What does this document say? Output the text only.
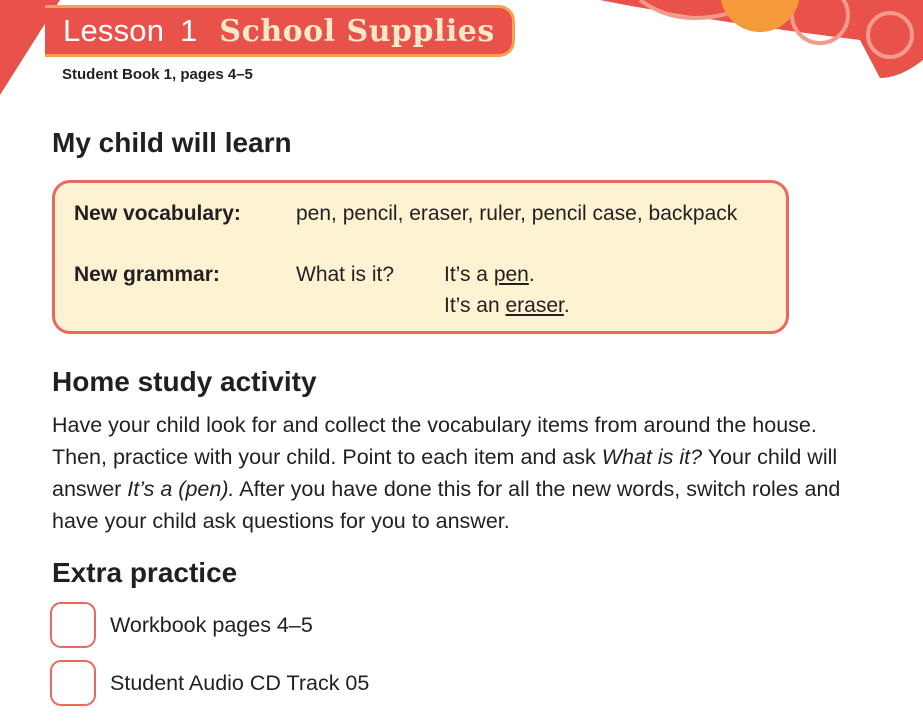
Lesson 1 School Supplies
Student Book 1, pages 4–5
My child will learn
New vocabulary:	pen, pencil, eraser, ruler, pencil case, backpack
New grammar:	What is it? It’s a pen.
It’s an eraser.
Home study activity

Have your child look for and collect the vocabulary items from around the house.

Then, practice with your child. Point to each item and ask What is it? Your child will

answer It’s a (pen). After you have done this for all the new words, switch roles and

have your child ask questions for you to answer.

Extra practice
Workbook pages 4–5
Student Audio CD Track 05
